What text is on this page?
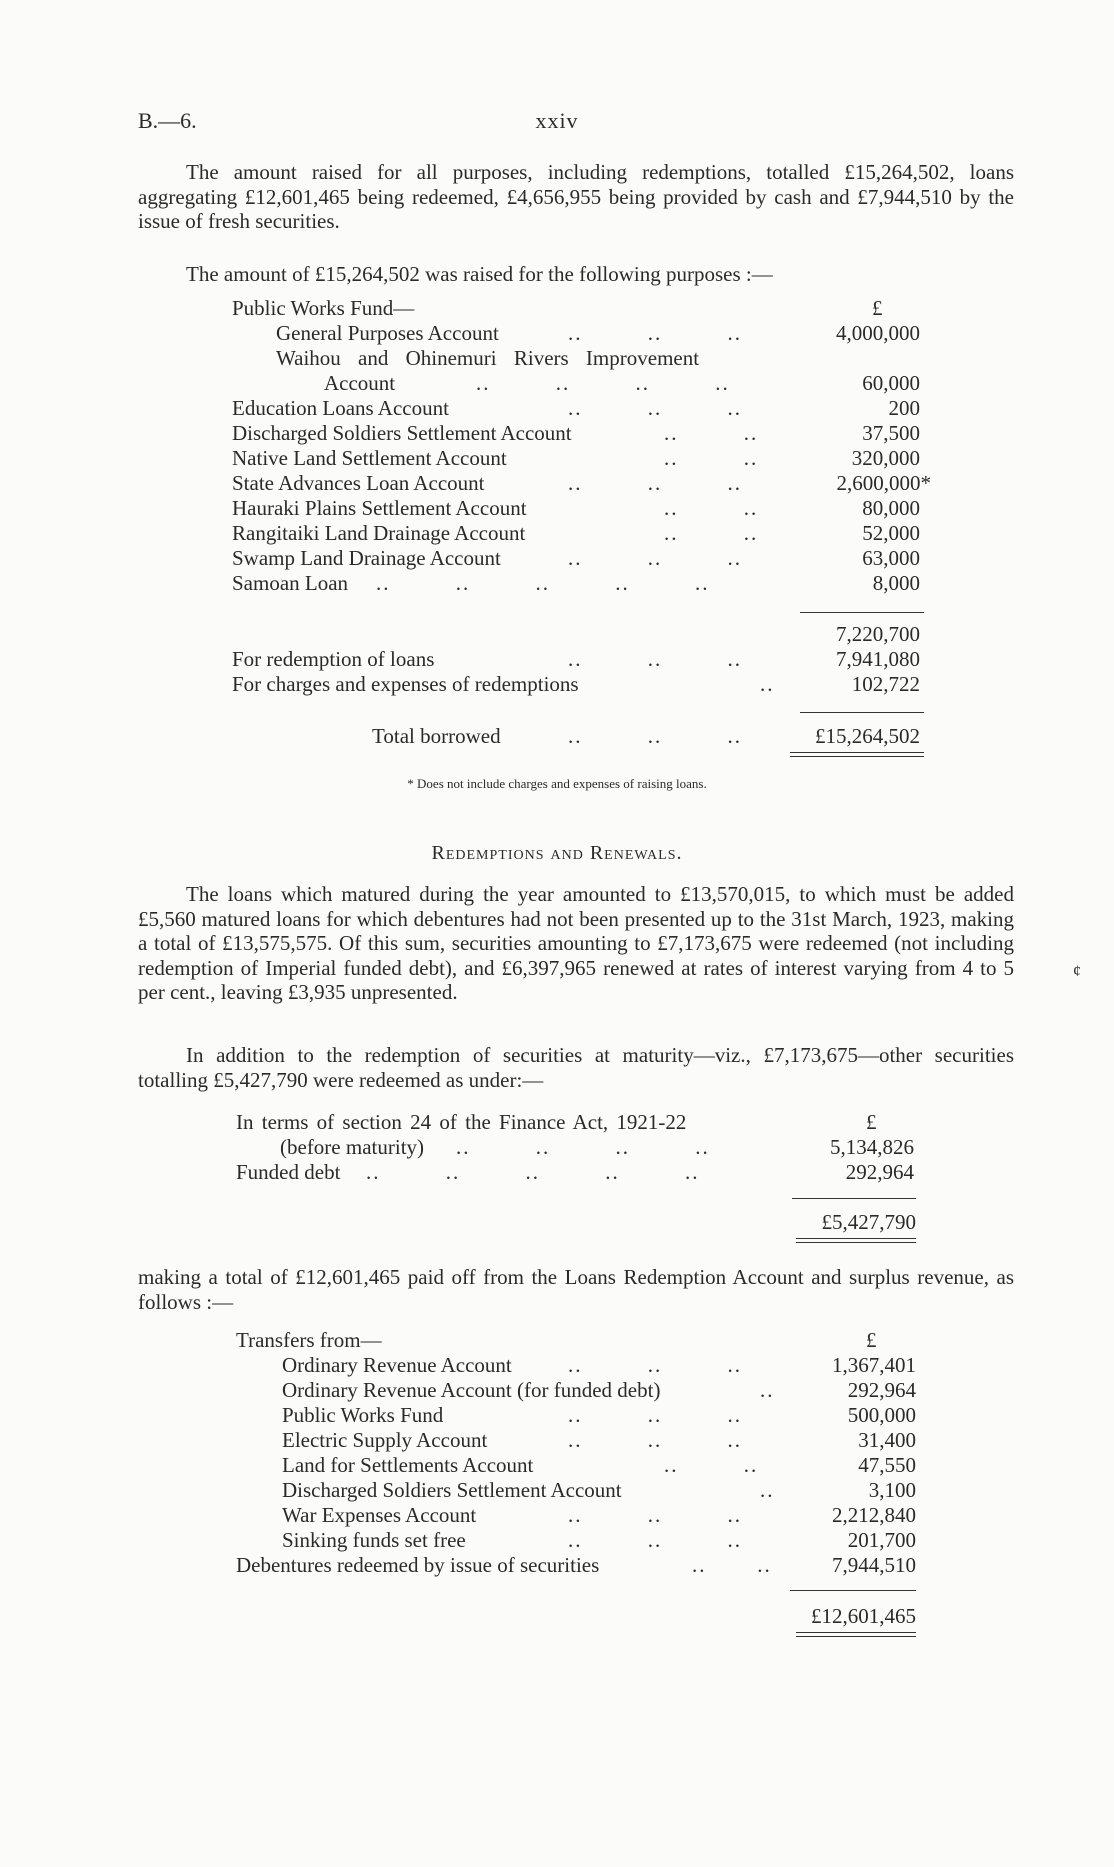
B.—6.	xxiv
The amount raised for all purposes, including redemptions, totalled £15,264,502, loans aggregating £12,601,465 being redeemed, £4,656,955 being provided by cash and £7,944,510 by the issue of fresh securities.
The amount of £15,264,502 was raised for the following purposes :—
Public Works Fund—	£
General Purposes Account	..         ..         ..	4,000,000
Waihou and Ohinemuri Rivers Improvement
Account	..         ..         ..         ..	60,000
Education Loans Account	..         ..         ..	200
Discharged Soldiers Settlement Account	..         ..	37,500
Native Land Settlement Account	..         ..	320,000
State Advances Loan Account	..         ..         ..	2,600,000*
Hauraki Plains Settlement Account	..         ..	80,000
Rangitaiki Land Drainage Account	..         ..	52,000
Swamp Land Drainage Account	..         ..         ..	63,000
Samoan Loan ..         ..         ..         ..         ..	8,000
7,220,700
For redemption of loans	..         ..         ..	7,941,080
For charges and expenses of redemptions	..	102,722
Total borrowed	..         ..         ..	£15,264,502
* Does not include charges and expenses of raising loans.
Redemptions and Renewals.
The loans which matured during the year amounted to £13,570,015, to which must be added £5,560 matured loans for which debentures had not been presented up to the 31st March, 1923, making a total of £13,575,575. Of this sum, securities amounting to £7,173,675 were redeemed (not including redemption of Imperial funded debt), and £6,397,965 renewed at rates of interest varying from 4 to 5 per cent., leaving £3,935 unpresented.
¢
In addition to the redemption of securities at maturity—viz., £7,173,675—other securities totalling £5,427,790 were redeemed as under:—
In terms of section 24 of the Finance Act, 1921-22	£
(before maturity) ..         ..         ..         ..	5,134,826
Funded debt ..         ..         ..         ..         ..	292,964
£5,427,790
making a total of £12,601,465 paid off from the Loans Redemption Account and surplus revenue, as follows :—
Transfers from—	£
Ordinary Revenue Account	..         ..         ..	1,367,401
Ordinary Revenue Account (for funded debt)	..	292,964
Public Works Fund	..         ..         ..	500,000
Electric Supply Account	..         ..         ..	31,400
Land for Settlements Account	..         ..	47,550
Discharged Soldiers Settlement Account	..	3,100
War Expenses Account	..         ..         ..	2,212,840
Sinking funds set free	..         ..         ..	201,700
Debentures redeemed by issue of securities	..       ..	7,944,510
£12,601,465
